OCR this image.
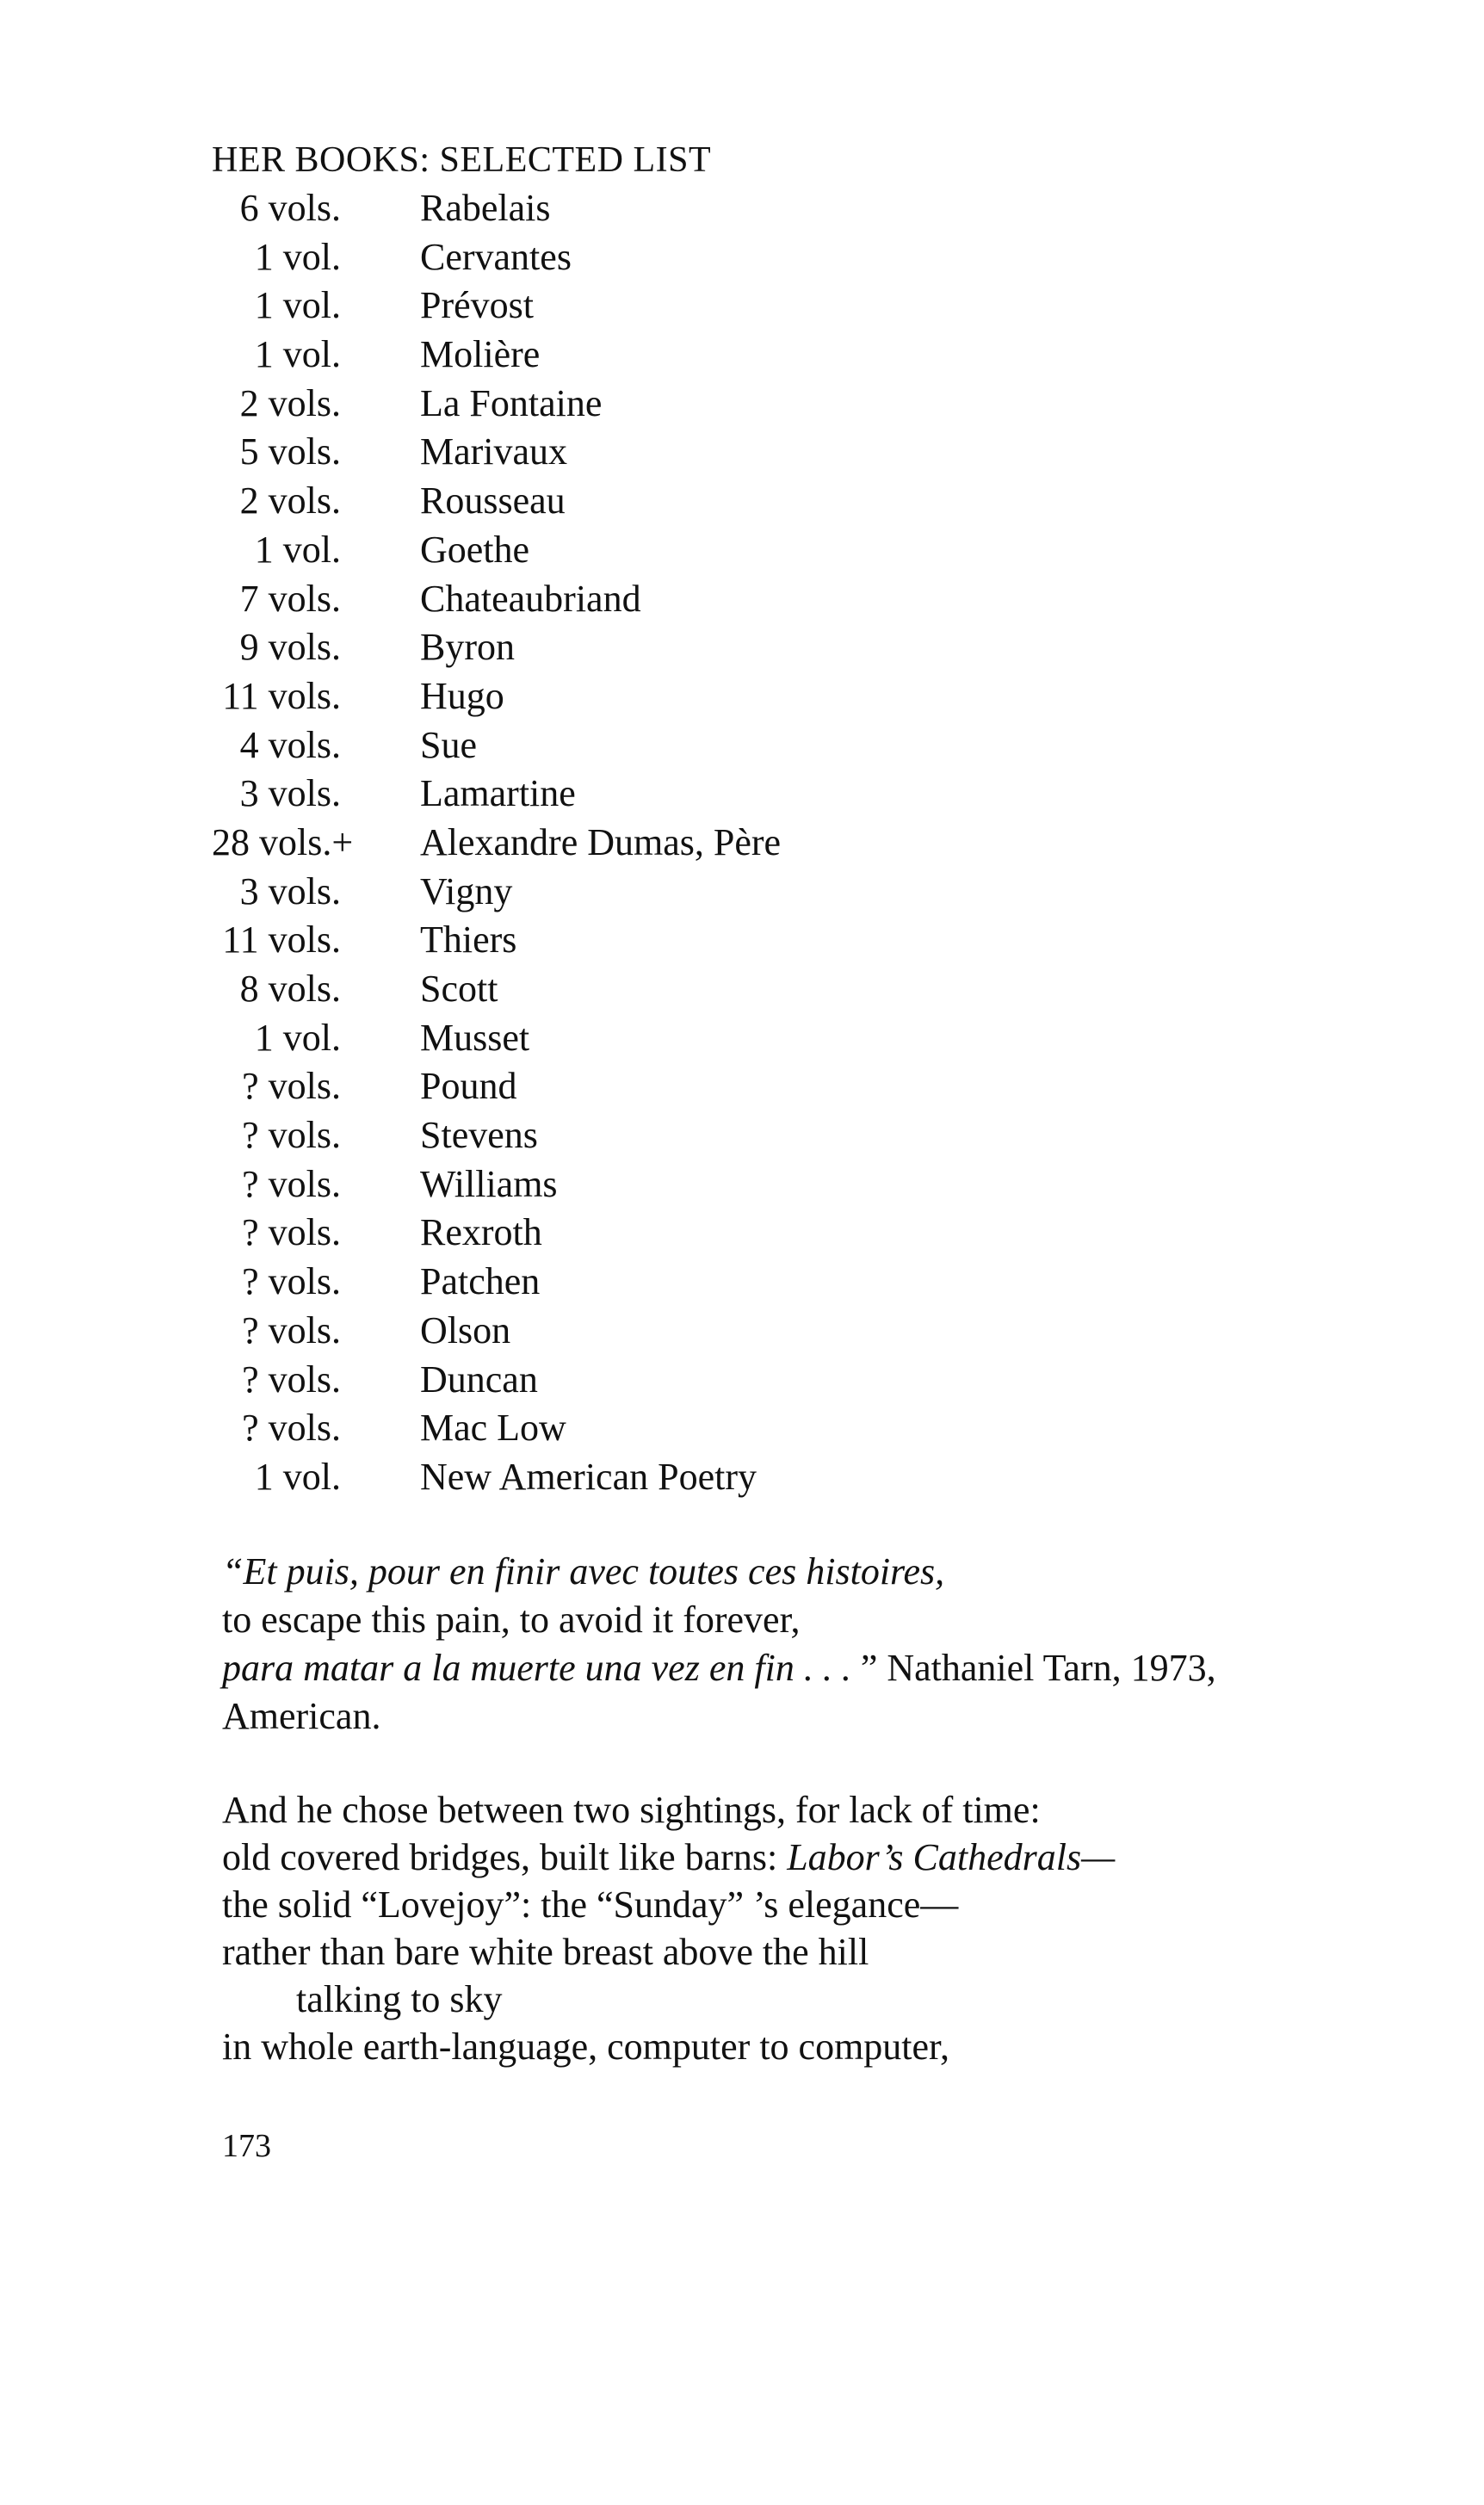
HER BOOKS: SELECTED LIST
6 vols. Rabelais
1 vol. Cervantes
1 vol. Prévost
1 vol. Molière
2 vols. La Fontaine
5 vols. Marivaux
2 vols. Rousseau
1 vol. Goethe
7 vols. Chateaubriand
9 vols. Byron
11 vols. Hugo
4 vols. Sue
3 vols. Lamartine
28 vols.+ Alexandre Dumas, Père
3 vols. Vigny
11 vols. Thiers
8 vols. Scott
1 vol. Musset
? vols. Pound
? vols. Stevens
? vols. Williams
? vols. Rexroth
? vols. Patchen
? vols. Olson
? vols. Duncan
? vols. Mac Low
1 vol. New American Poetry
“Et puis, pour en finir avec toutes ces histoires,
to escape this pain, to avoid it forever,
para matar a la muerte una vez en fin . . . ” Nathaniel Tarn, 1973,
American.
And he chose between two sightings, for lack of time:
old covered bridges, built like barns: Labor’s Cathedrals—
the solid “Lovejoy”: the “Sunday” ’s elegance—
rather than bare white breast above the hill
talking to sky
in whole earth-language, computer to computer,
173
